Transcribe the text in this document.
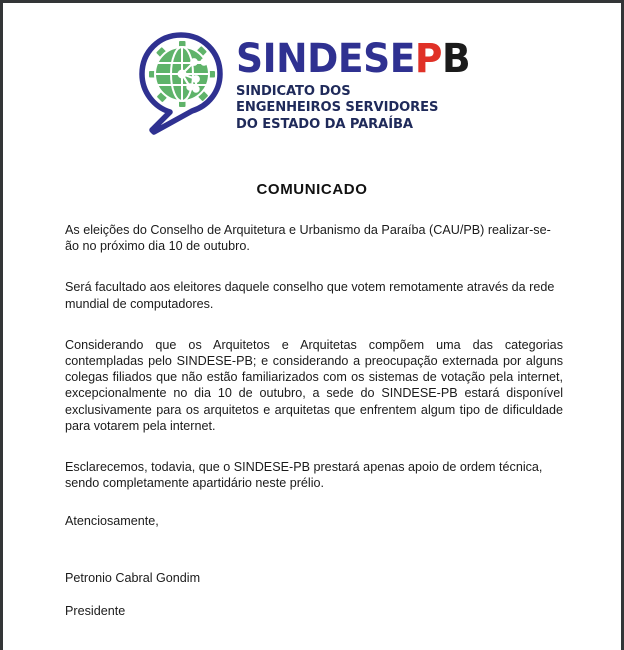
SINDESEPB
SINDICATO DOS
ENGENHEIROS SERVIDORES
DO ESTADO DA PARAÍBA
COMUNICADO

As eleições do Conselho de Arquitetura e Urbanismo da Paraíba (CAU/PB) realizar-se-ão no próximo dia 10 de outubro.

Será facultado aos eleitores daquele conselho que votem remotamente através da rede mundial de computadores.

Considerando que os Arquitetos e Arquitetas compõem uma das categorias contempladas pelo SINDESE-PB; e considerando a preocupação externada por alguns colegas filiados que não estão familiarizados com os sistemas de votação pela internet, excepcionalmente no dia 10 de outubro, a sede do SINDESE-PB estará disponível exclusivamente para os arquitetos e arquitetas que enfrentem algum tipo de dificuldade para votarem pela internet.

Esclarecemos, todavia, que o SINDESE-PB prestará apenas apoio de ordem técnica, sendo completamente apartidário neste prélio.

Atenciosamente,
Petronio Cabral Gondim
Presidente
